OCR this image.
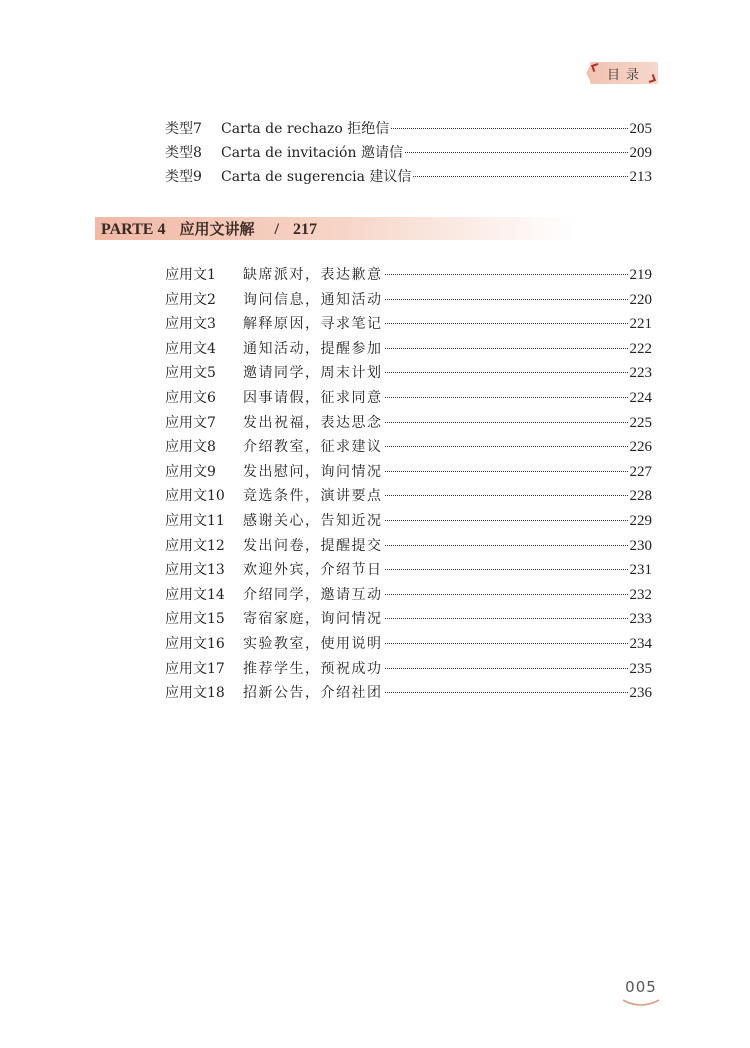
目录
类型7	Carta de rechazo 拒绝信	205
类型8	Carta de invitación 邀请信	209
类型9	Carta de sugerencia 建议信	213
PARTE 4 应用文讲解 / 217
应用文1	缺席派对，表达歉意	219
应用文2	询问信息，通知活动	220
应用文3	解释原因，寻求笔记	221
应用文4	通知活动，提醒参加	222
应用文5	邀请同学，周末计划	223
应用文6	因事请假，征求同意	224
应用文7	发出祝福，表达思念	225
应用文8	介绍教室，征求建议	226
应用文9	发出慰问，询问情况	227
应用文10	竞选条件，演讲要点	228
应用文11	感谢关心，告知近况	229
应用文12	发出问卷，提醒提交	230
应用文13	欢迎外宾，介绍节日	231
应用文14	介绍同学，邀请互动	232
应用文15	寄宿家庭，询问情况	233
应用文16	实验教室，使用说明	234
应用文17	推荐学生，预祝成功	235
应用文18	招新公告，介绍社团	236
005
